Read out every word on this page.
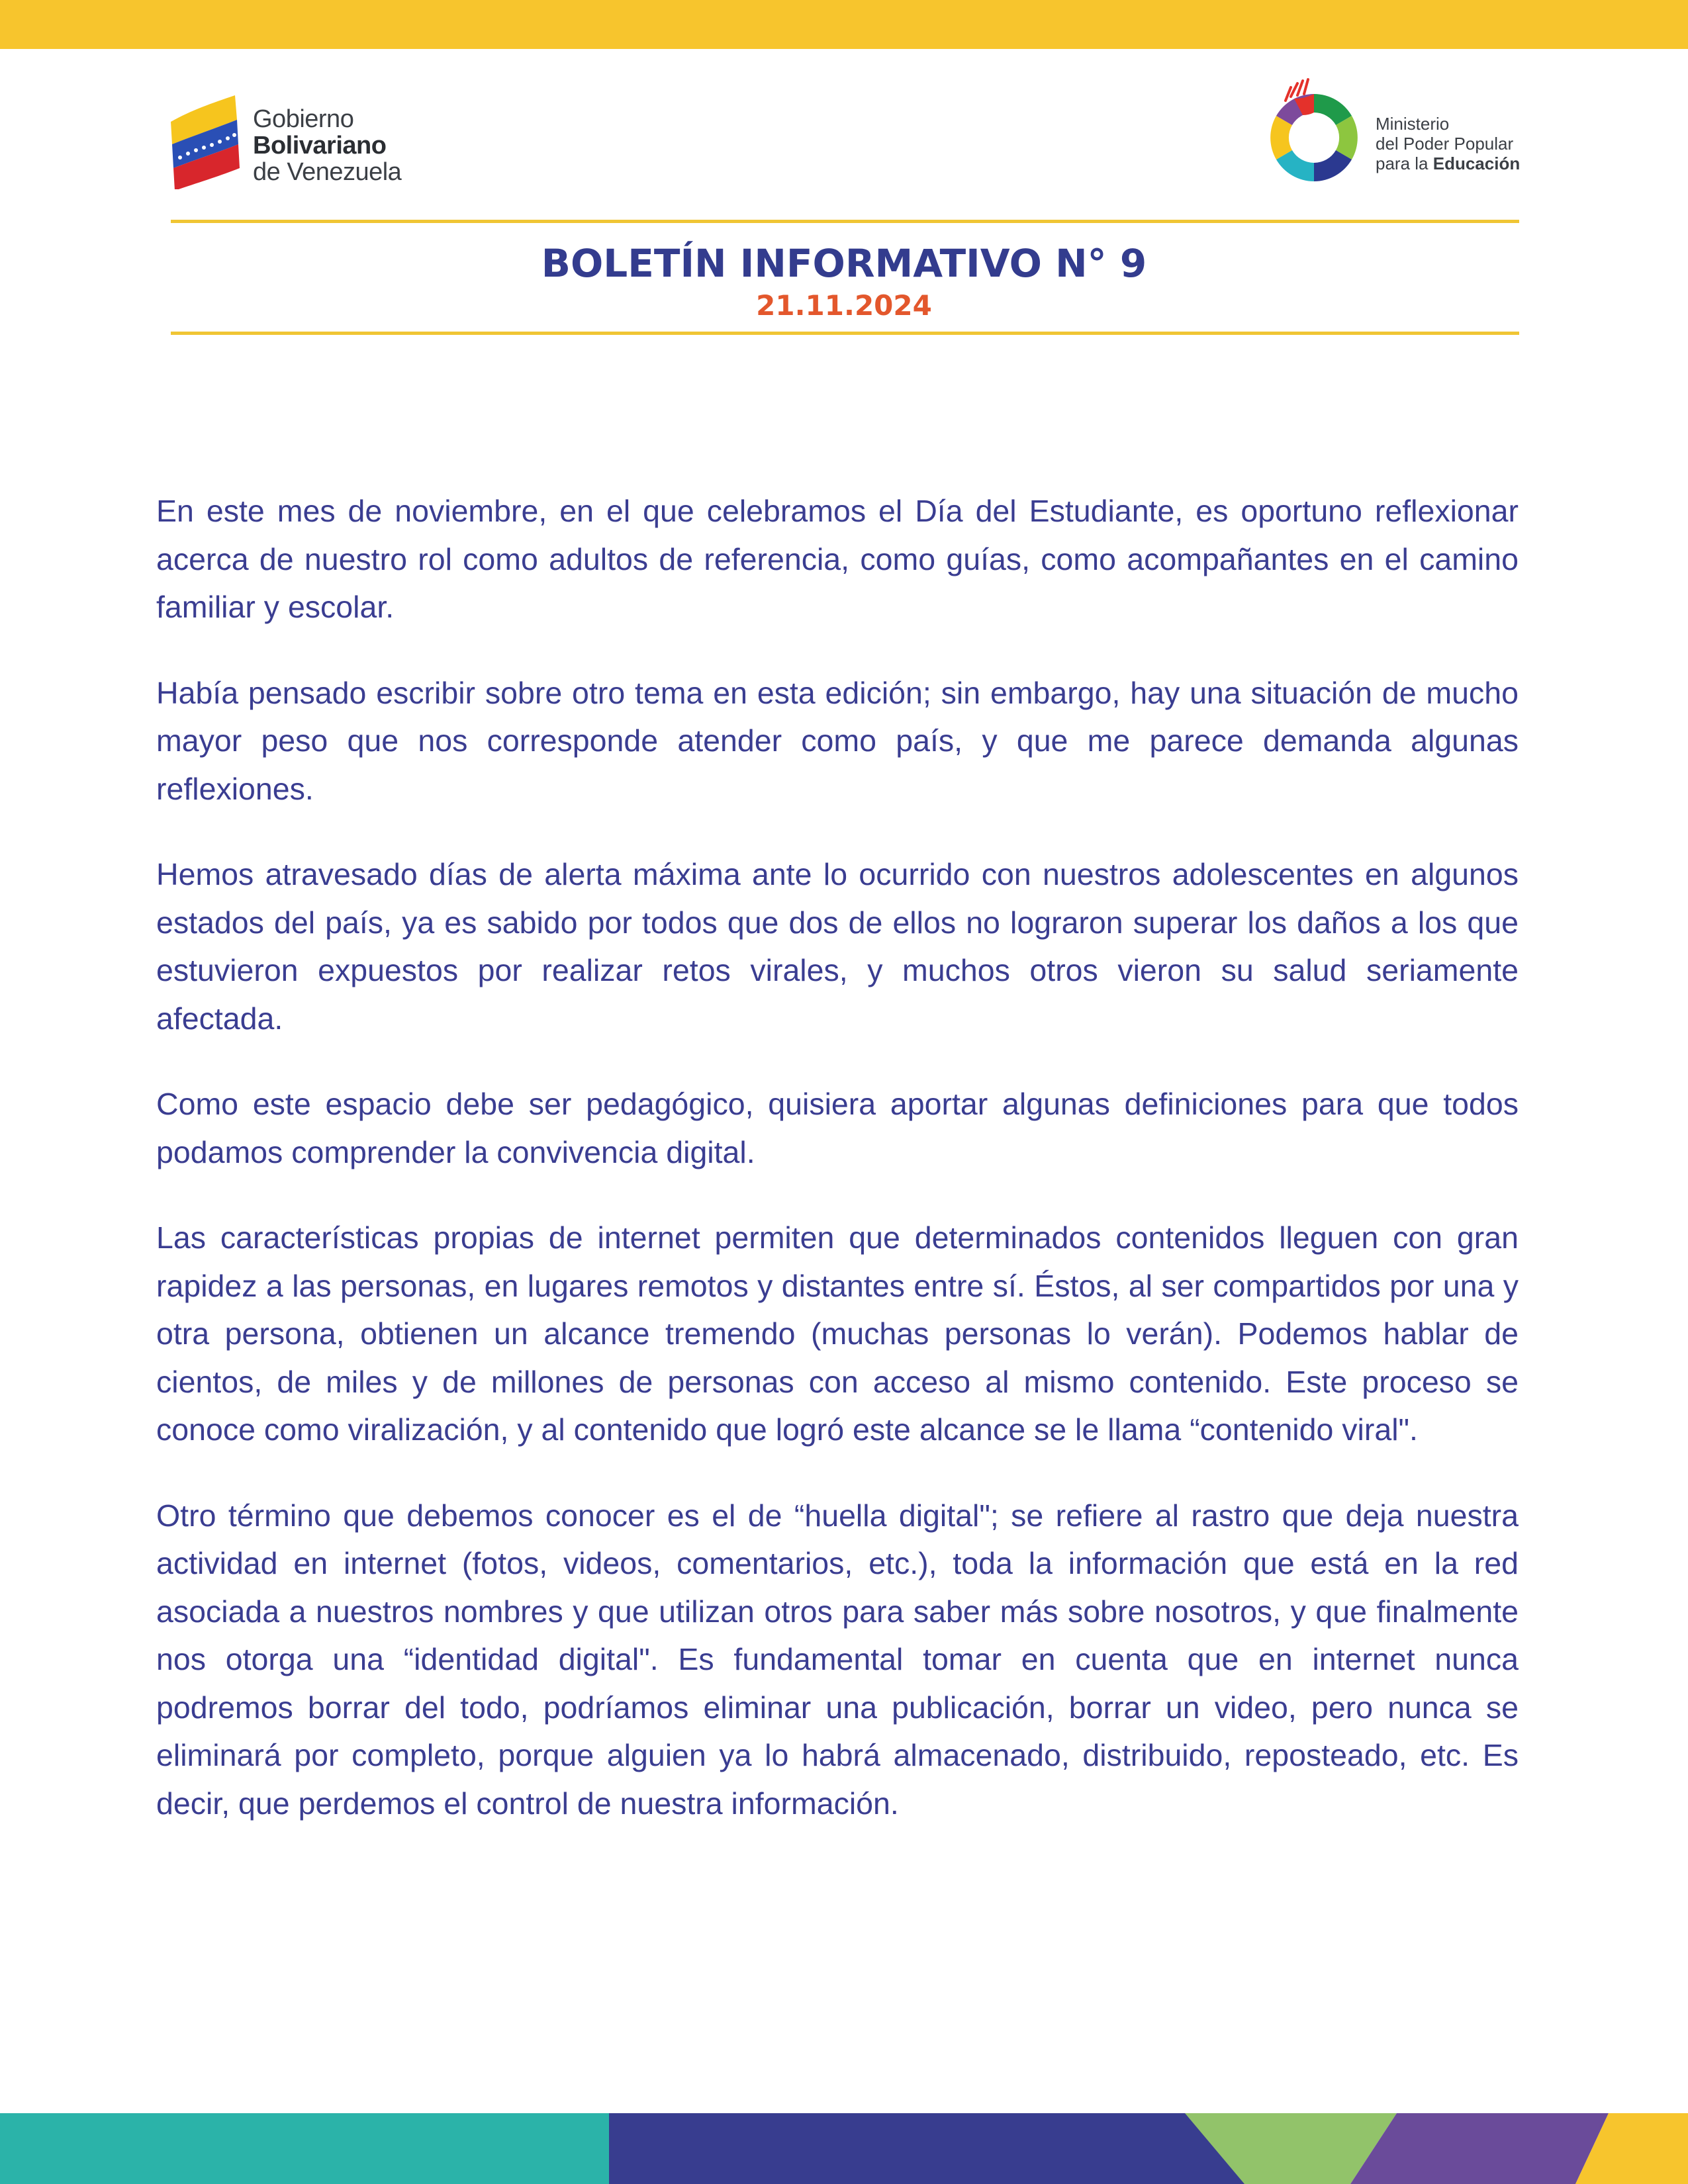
Gobierno
Bolivariano
de Venezuela
Ministerio
del Poder Popular
para la Educación
BOLETÍN INFORMATIVO N° 9
21.11.2024

En este mes de noviembre, en el que celebramos el Día del Estudiante, es oportuno reflexionar acerca de nuestro rol como adultos de referencia, como guías, como acompañantes en el camino familiar y escolar.

Había pensado escribir sobre otro tema en esta edición; sin embargo, hay una situación de mucho mayor peso que nos corresponde atender como país, y que me parece demanda algunas reflexiones.

Hemos atravesado días de alerta máxima ante lo ocurrido con nuestros adolescentes en algunos estados del país, ya es sabido por todos que dos de ellos no lograron superar los daños a los que estuvieron expuestos por realizar retos virales, y muchos otros vieron su salud seriamente afectada.

Como este espacio debe ser pedagógico, quisiera aportar algunas definiciones para que todos podamos comprender la convivencia digital.

Las características propias de internet permiten que determinados contenidos lleguen con gran rapidez a las personas, en lugares remotos y distantes entre sí. Éstos, al ser compartidos por una y otra persona, obtienen un alcance tremendo (muchas personas lo verán). Podemos hablar de cientos, de miles y de millones de personas con acceso al mismo contenido. Este proceso se conoce como viralización, y al contenido que logró este alcance se le llama “contenido viral".

Otro término que debemos conocer es el de “huella digital"; se refiere al rastro que deja nuestra actividad en internet (fotos, videos, comentarios, etc.), toda la información que está en la red asociada a nuestros nombres y que utilizan otros para saber más sobre nosotros, y que finalmente nos otorga una “identidad digital". Es fundamental tomar en cuenta que en internet nunca podremos borrar del todo, podríamos eliminar una publicación, borrar un video, pero nunca se eliminará por completo, porque alguien ya lo habrá almacenado, distribuido, reposteado, etc. Es decir, que perdemos el control de nuestra información.
